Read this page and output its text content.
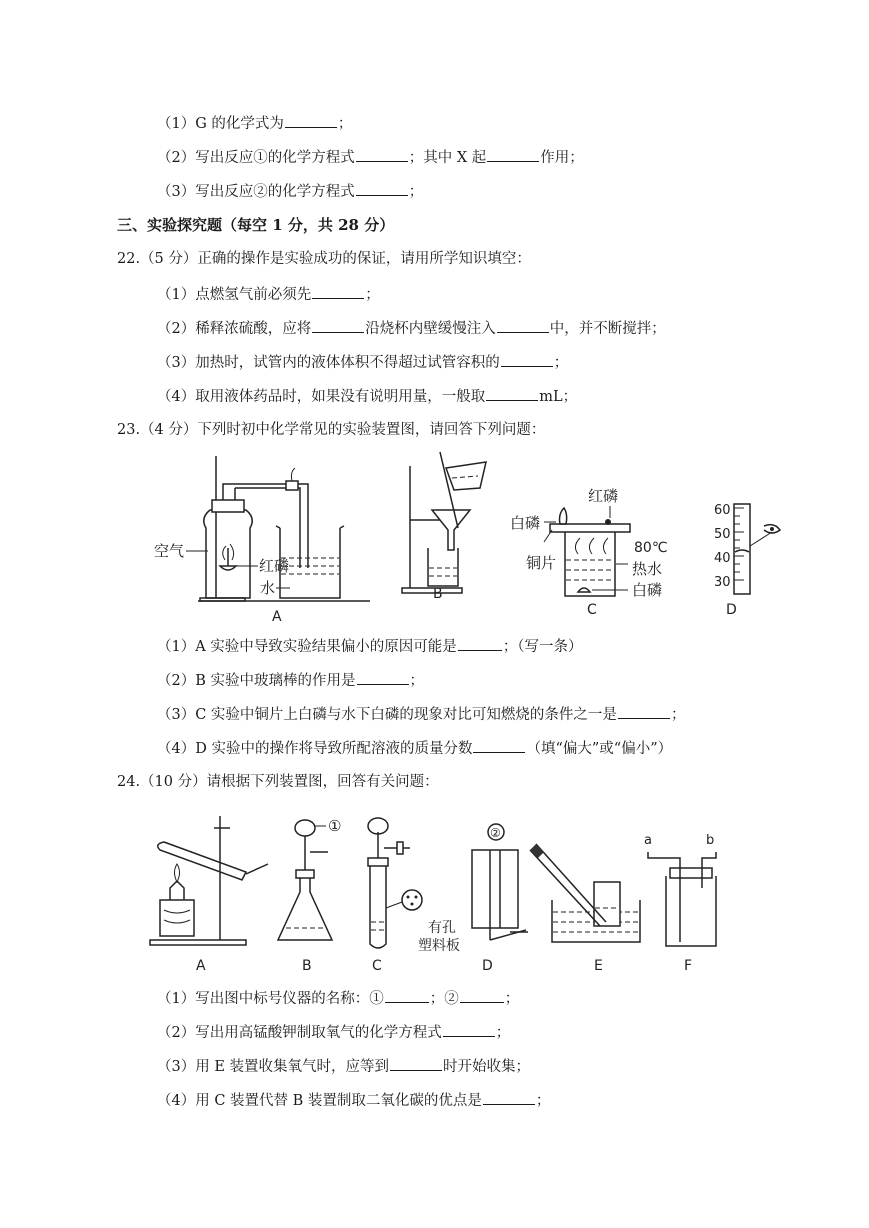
（1）G 的化学式为	；
（2）写出反应①的化学方程式	；其中 X 起	作用；
（3）写出反应②的化学方程式	；
三、实验探究题（每空 1 分，共 28 分）
22.（5 分）正确的操作是实验成功的保证，请用所学知识填空：
（1）点燃氢气前必须先	；
（2）稀释浓硫酸，应将	沿烧杯内壁缓慢注入	中，并不断搅拌；
（3）加热时，试管内的液体体积不得超过试管容积的	；
（4）取用液体药品时，如果没有说明用量，一般取	mL；
23.（4 分）下列时初中化学常见的实验装置图，请回答下列问题：
空气
红磷
水
A
B
红磷
白磷
铜片
80℃
热水
白磷
C
60
50
40
30
D
（1）A 实验中导致实验结果偏小的原因可能是	；（写一条）
（2）B 实验中玻璃棒的作用是	；
（3）C 实验中铜片上白磷与水下白磷的现象对比可知燃烧的条件之一是	；
（4）D 实验中的操作将导致所配溶液的质量分数	（填“偏大”或“偏小”）
24.（10 分）请根据下列装置图，回答有关问题：
A
①
B
有孔
塑料板
C
②
D	E
a	b
F
（1）写出图中标号仪器的名称：①	；②	；
（2）写出用高锰酸钾制取氧气的化学方程式	；
（3）用 E 装置收集氧气时，应等到	时开始收集；
（4）用 C 装置代替 B 装置制取二氧化碳的优点是	；
